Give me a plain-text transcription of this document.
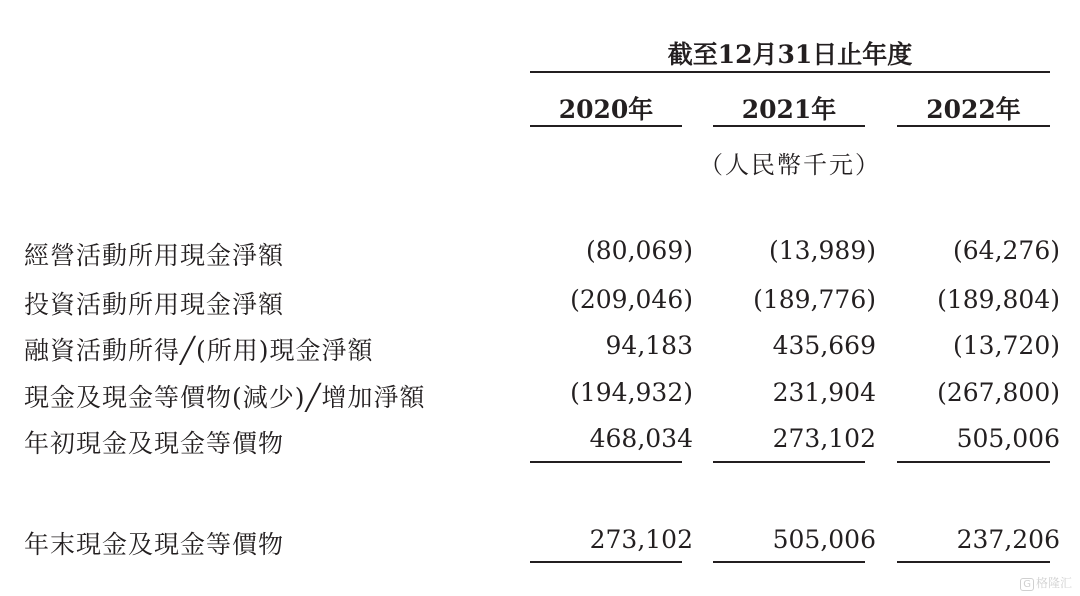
截至12月31日止年度
2020年	2021年	2022年
（人民幣千元）
經營活動所用現金淨額	(80,069)	(13,989)	(64,276)
投資活動所用現金淨額	(209,046)	(189,776)	(189,804)
融資活動所得╱(所用)現金淨額	94,183	435,669	(13,720)
現金及現金等價物(減少)╱增加淨額	(194,932)	231,904	(267,800)
年初現金及現金等價物	468,034	273,102	505,006
年末現金及現金等價物	273,102	505,006	237,206
G 格隆汇
